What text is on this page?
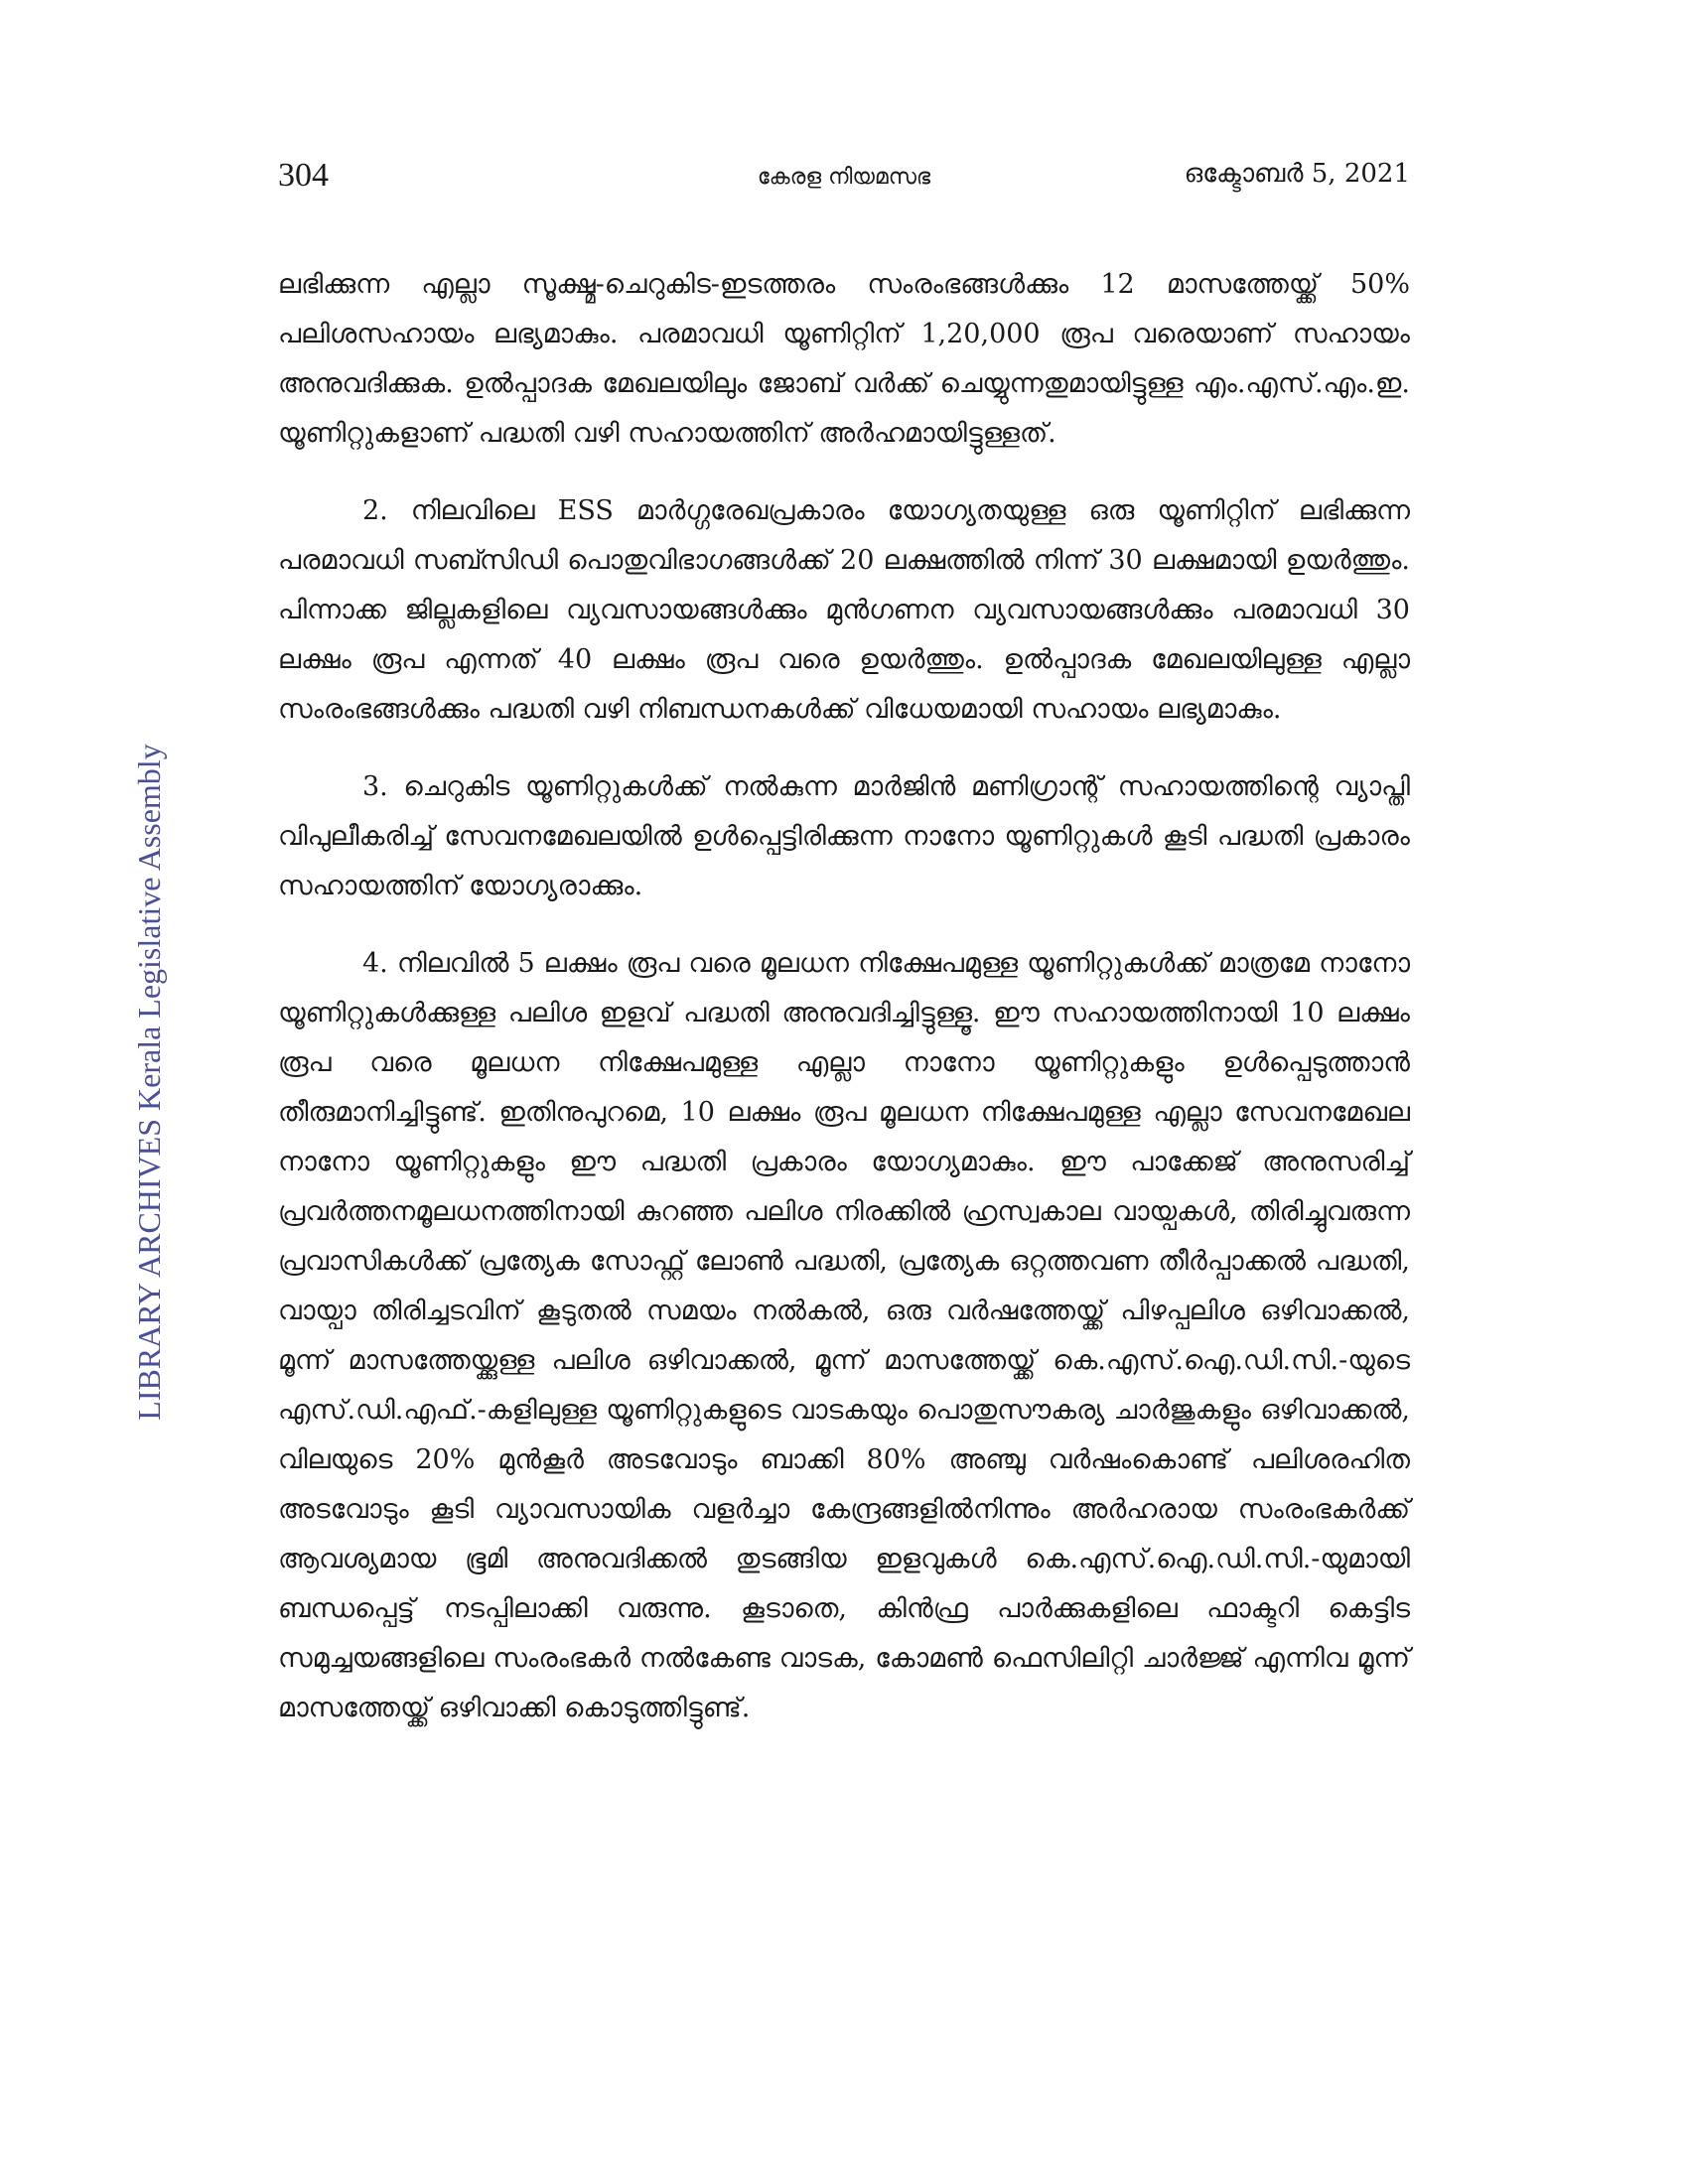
304	കേരള നിയമസഭ	ഒക്ടോബർ 5, 2021
LIBRARY ARCHIVES Kerala Legislative Assembly

ലഭിക്കുന്ന എല്ലാ സൂക്ഷ്മ-ചെറുകിട-ഇടത്തരം സംരംഭങ്ങൾക്കും 12 മാസത്തേയ്ക്ക് 50% പലിശസഹായം ലഭ്യമാകും. പരമാവധി യൂണിറ്റിന് 1,20,000 രൂപ വരെയാണ് സഹായം അനുവദിക്കുക. ഉൽപ്പാദക മേഖലയിലും ജോബ് വർക്ക് ചെയ്യുന്നതുമായിട്ടുള്ള എം.എസ്.എം.ഇ. യൂണിറ്റുകളാണ് പദ്ധതി വഴി സഹായത്തിന് അർഹമായിട്ടുള്ളത്.

2. നിലവിലെ ESS മാർഗ്ഗരേഖപ്രകാരം യോഗ്യതയുള്ള ഒരു യൂണിറ്റിന് ലഭിക്കുന്ന പരമാവധി സബ്സിഡി പൊതുവിഭാഗങ്ങൾക്ക് 20 ലക്ഷത്തിൽ നിന്ന് 30 ലക്ഷമായി ഉയർത്തും. പിന്നാക്ക ജില്ലകളിലെ വ്യവസായങ്ങൾക്കും മുൻഗണന വ്യവസായങ്ങൾക്കും പരമാവധി 30 ലക്ഷം രൂപ എന്നത് 40 ലക്ഷം രൂപ വരെ ഉയർത്തും. ഉൽപ്പാദക മേഖലയിലുള്ള എല്ലാ സംരംഭങ്ങൾക്കും പദ്ധതി വഴി നിബന്ധനകൾക്ക് വിധേയമായി സഹായം ലഭ്യമാകും.

3. ചെറുകിട യൂണിറ്റുകൾക്ക് നൽകുന്ന മാർജിൻ മണിഗ്രാന്റ് സഹായത്തിന്റെ വ്യാപ്തി വിപുലീകരിച്ച് സേവനമേഖലയിൽ ഉൾപ്പെട്ടിരിക്കുന്ന നാനോ യൂണിറ്റുകൾ കൂടി പദ്ധതി പ്രകാരം സഹായത്തിന് യോഗ്യരാക്കും.

4. നിലവിൽ 5 ലക്ഷം രൂപ വരെ മൂലധന നിക്ഷേപമുള്ള യൂണിറ്റുകൾക്ക് മാത്രമേ നാനോ യൂണിറ്റുകൾക്കുള്ള പലിശ ഇളവ് പദ്ധതി അനുവദിച്ചിട്ടുള്ളൂ. ഈ സഹായത്തിനായി 10 ലക്ഷം രൂപ വരെ മൂലധന നിക്ഷേപമുള്ള എല്ലാ നാനോ യൂണിറ്റുകളും ഉൾപ്പെടുത്താൻ തീരുമാനിച്ചിട്ടുണ്ട്. ഇതിനുപുറമെ, 10 ലക്ഷം രൂപ മൂലധന നിക്ഷേപമുള്ള എല്ലാ സേവനമേഖല നാനോ യൂണിറ്റുകളും ഈ പദ്ധതി പ്രകാരം യോഗ്യമാകും. ഈ പാക്കേജ് അനുസരിച്ച് പ്രവർത്തനമൂലധനത്തിനായി കുറഞ്ഞ പലിശ നിരക്കിൽ ഹ്രസ്വകാല വായ്പകൾ, തിരിച്ചുവരുന്ന പ്രവാസികൾക്ക് പ്രത്യേക സോഫ്റ്റ് ലോൺ പദ്ധതി, പ്രത്യേക ഒറ്റത്തവണ തീർപ്പാക്കൽ പദ്ധതി, വായ്പാ തിരിച്ചടവിന് കൂടുതൽ സമയം നൽകൽ, ഒരു വർഷത്തേയ്ക്ക് പിഴപ്പലിശ ഒഴിവാക്കൽ, മൂന്ന് മാസത്തേയ്ക്കുള്ള പലിശ ഒഴിവാക്കൽ, മൂന്ന് മാസത്തേയ്ക്ക് കെ.എസ്.ഐ.ഡി.സി.-യുടെ എസ്.ഡി.എഫ്.-കളിലുള്ള യൂണിറ്റുകളുടെ വാടകയും പൊതുസൗകര്യ ചാർജുകളും ഒഴിവാക്കൽ, വിലയുടെ 20% മുൻകൂർ അടവോടും ബാക്കി 80% അഞ്ചു വർഷംകൊണ്ട് പലിശരഹിത അടവോടും കൂടി വ്യാവസായിക വളർച്ചാ കേന്ദ്രങ്ങളിൽനിന്നും അർഹരായ സംരംഭകർക്ക് ആവശ്യമായ ഭൂമി അനുവദിക്കൽ തുടങ്ങിയ ഇളവുകൾ കെ.എസ്.ഐ.ഡി.സി.-യുമായി ബന്ധപ്പെട്ട് നടപ്പിലാക്കി വരുന്നു. കൂടാതെ, കിൻഫ്ര പാർക്കുകളിലെ ഫാക്ടറി കെട്ടിട സമുച്ചയങ്ങളിലെ സംരംഭകർ നൽകേണ്ട വാടക, കോമൺ ഫെസിലിറ്റി ചാർജ്ജ് എന്നിവ മൂന്ന് മാസത്തേയ്ക്ക് ഒഴിവാക്കി കൊടുത്തിട്ടുണ്ട്.
